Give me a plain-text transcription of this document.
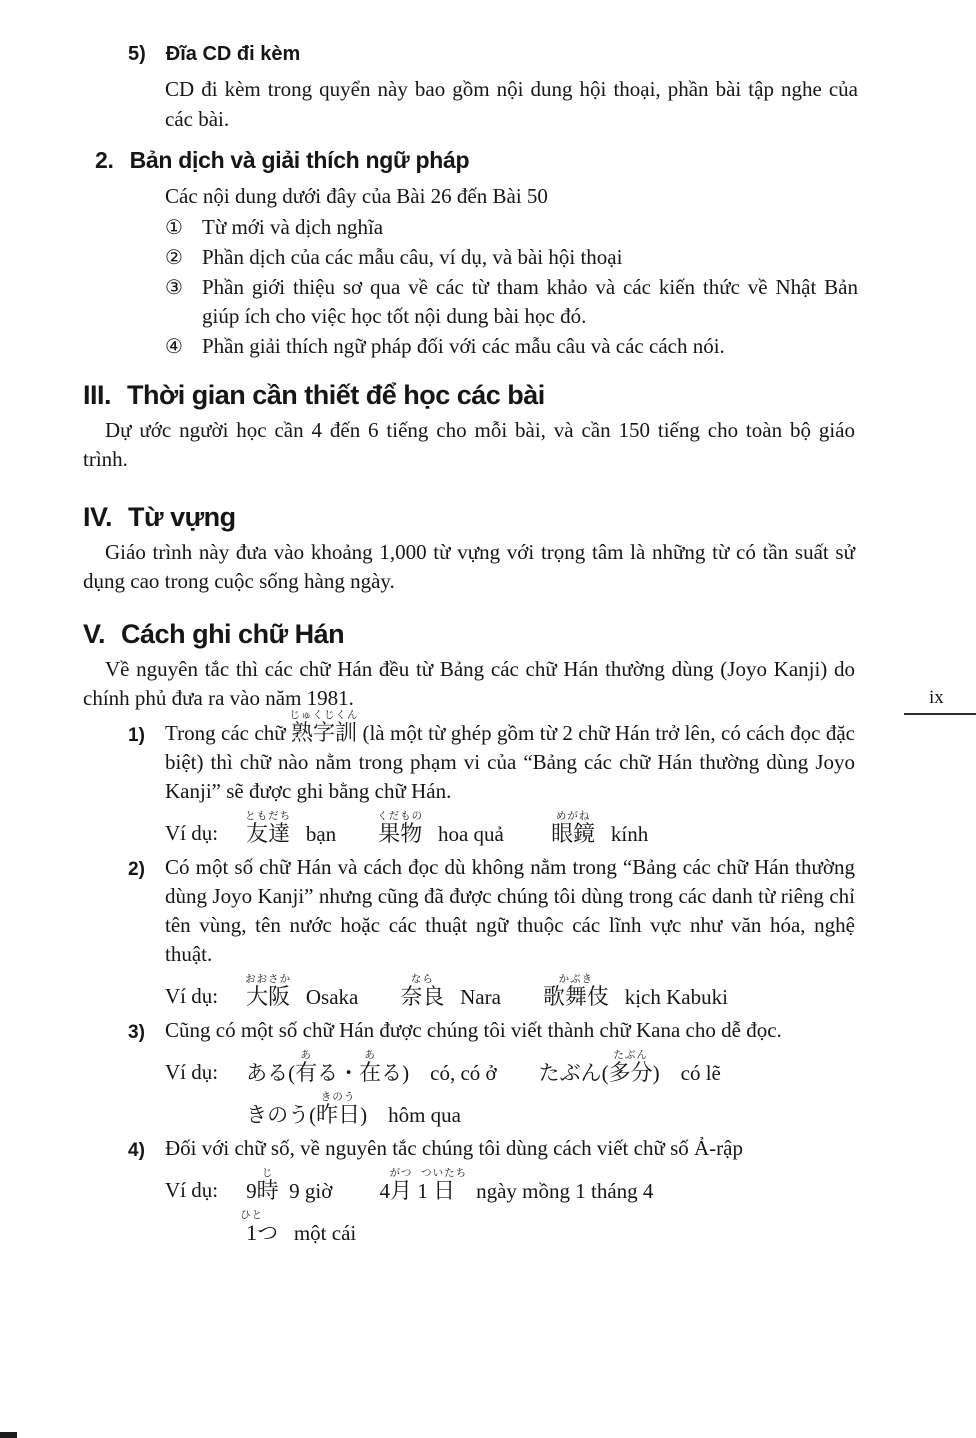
5) Đĩa CD đi kèm

CD đi kèm trong quyển này bao gồm nội dung hội thoại, phần bài tập nghe của các bài.

2. Bản dịch và giải thích ngữ pháp

Các nội dung dưới đây của Bài 26 đến Bài 50

① Từ mới và dịch nghĩa

② Phần dịch của các mẫu câu, ví dụ, và bài hội thoại

③ Phần giới thiệu sơ qua về các từ tham khảo và các kiến thức về Nhật Bản giúp ích cho việc học tốt nội dung bài học đó.

④ Phần giải thích ngữ pháp đối với các mẫu câu và các cách nói.

III. Thời gian cần thiết để học các bài

Dự ước người học cần 4 đến 6 tiếng cho mỗi bài, và cần 150 tiếng cho toàn bộ giáo trình.

IV. Từ vựng

Giáo trình này đưa vào khoảng 1,000 từ vựng với trọng tâm là những từ có tần suất sử dụng cao trong cuộc sống hàng ngày.

V. Cách ghi chữ Hán

Về nguyên tắc thì các chữ Hán đều từ Bảng các chữ Hán thường dùng (Joyo Kanji) do chính phủ đưa ra vào năm 1981.

1) Trong các chữ
じゅくじくん
熟字訓 (là một từ ghép gồm từ 2 chữ Hán trở lên, có cách đọc đặc biệt) thì chữ nào nằm trong phạm vi của “Bảng các chữ Hán thường dùng Joyo Kanji” sẽ được ghi bằng chữ Hán.

Ví dụ:
ともだち
友達   bạn
くだもの
果物   hoa quả
めがね
眼鏡   kính
2) Có một số chữ Hán và cách đọc dù không nằm trong “Bảng các chữ Hán thường dùng Joyo Kanji” nhưng cũng đã được chúng tôi dùng trong các danh từ riêng chỉ tên vùng, tên nước hoặc các thuật ngữ thuộc các lĩnh vực như văn hóa, nghệ thuật.

Ví dụ:
おおさか
大阪   Osaka
なら
奈良   Nara
かぶき
歌舞伎   kịch Kabuki
3) Cũng có một số chữ Hán được chúng tôi viết thành chữ Kana cho dễ đọc.

Ví dụ: ある(
あ
有る・
あ
在る)    có, có ở        たぶん(
たぶん
多分)    có lẽ
きのう(
きのう
昨日)    hôm qua
4) Đối với chữ số, về nguyên tắc chúng tôi dùng cách viết chữ số Ả-rập

Ví dụ: 9
じ
時  9 giờ         4
がつ
月 1
ついたち
日    ngày mồng 1 tháng 4
ひと
1つ   một cái
ix
